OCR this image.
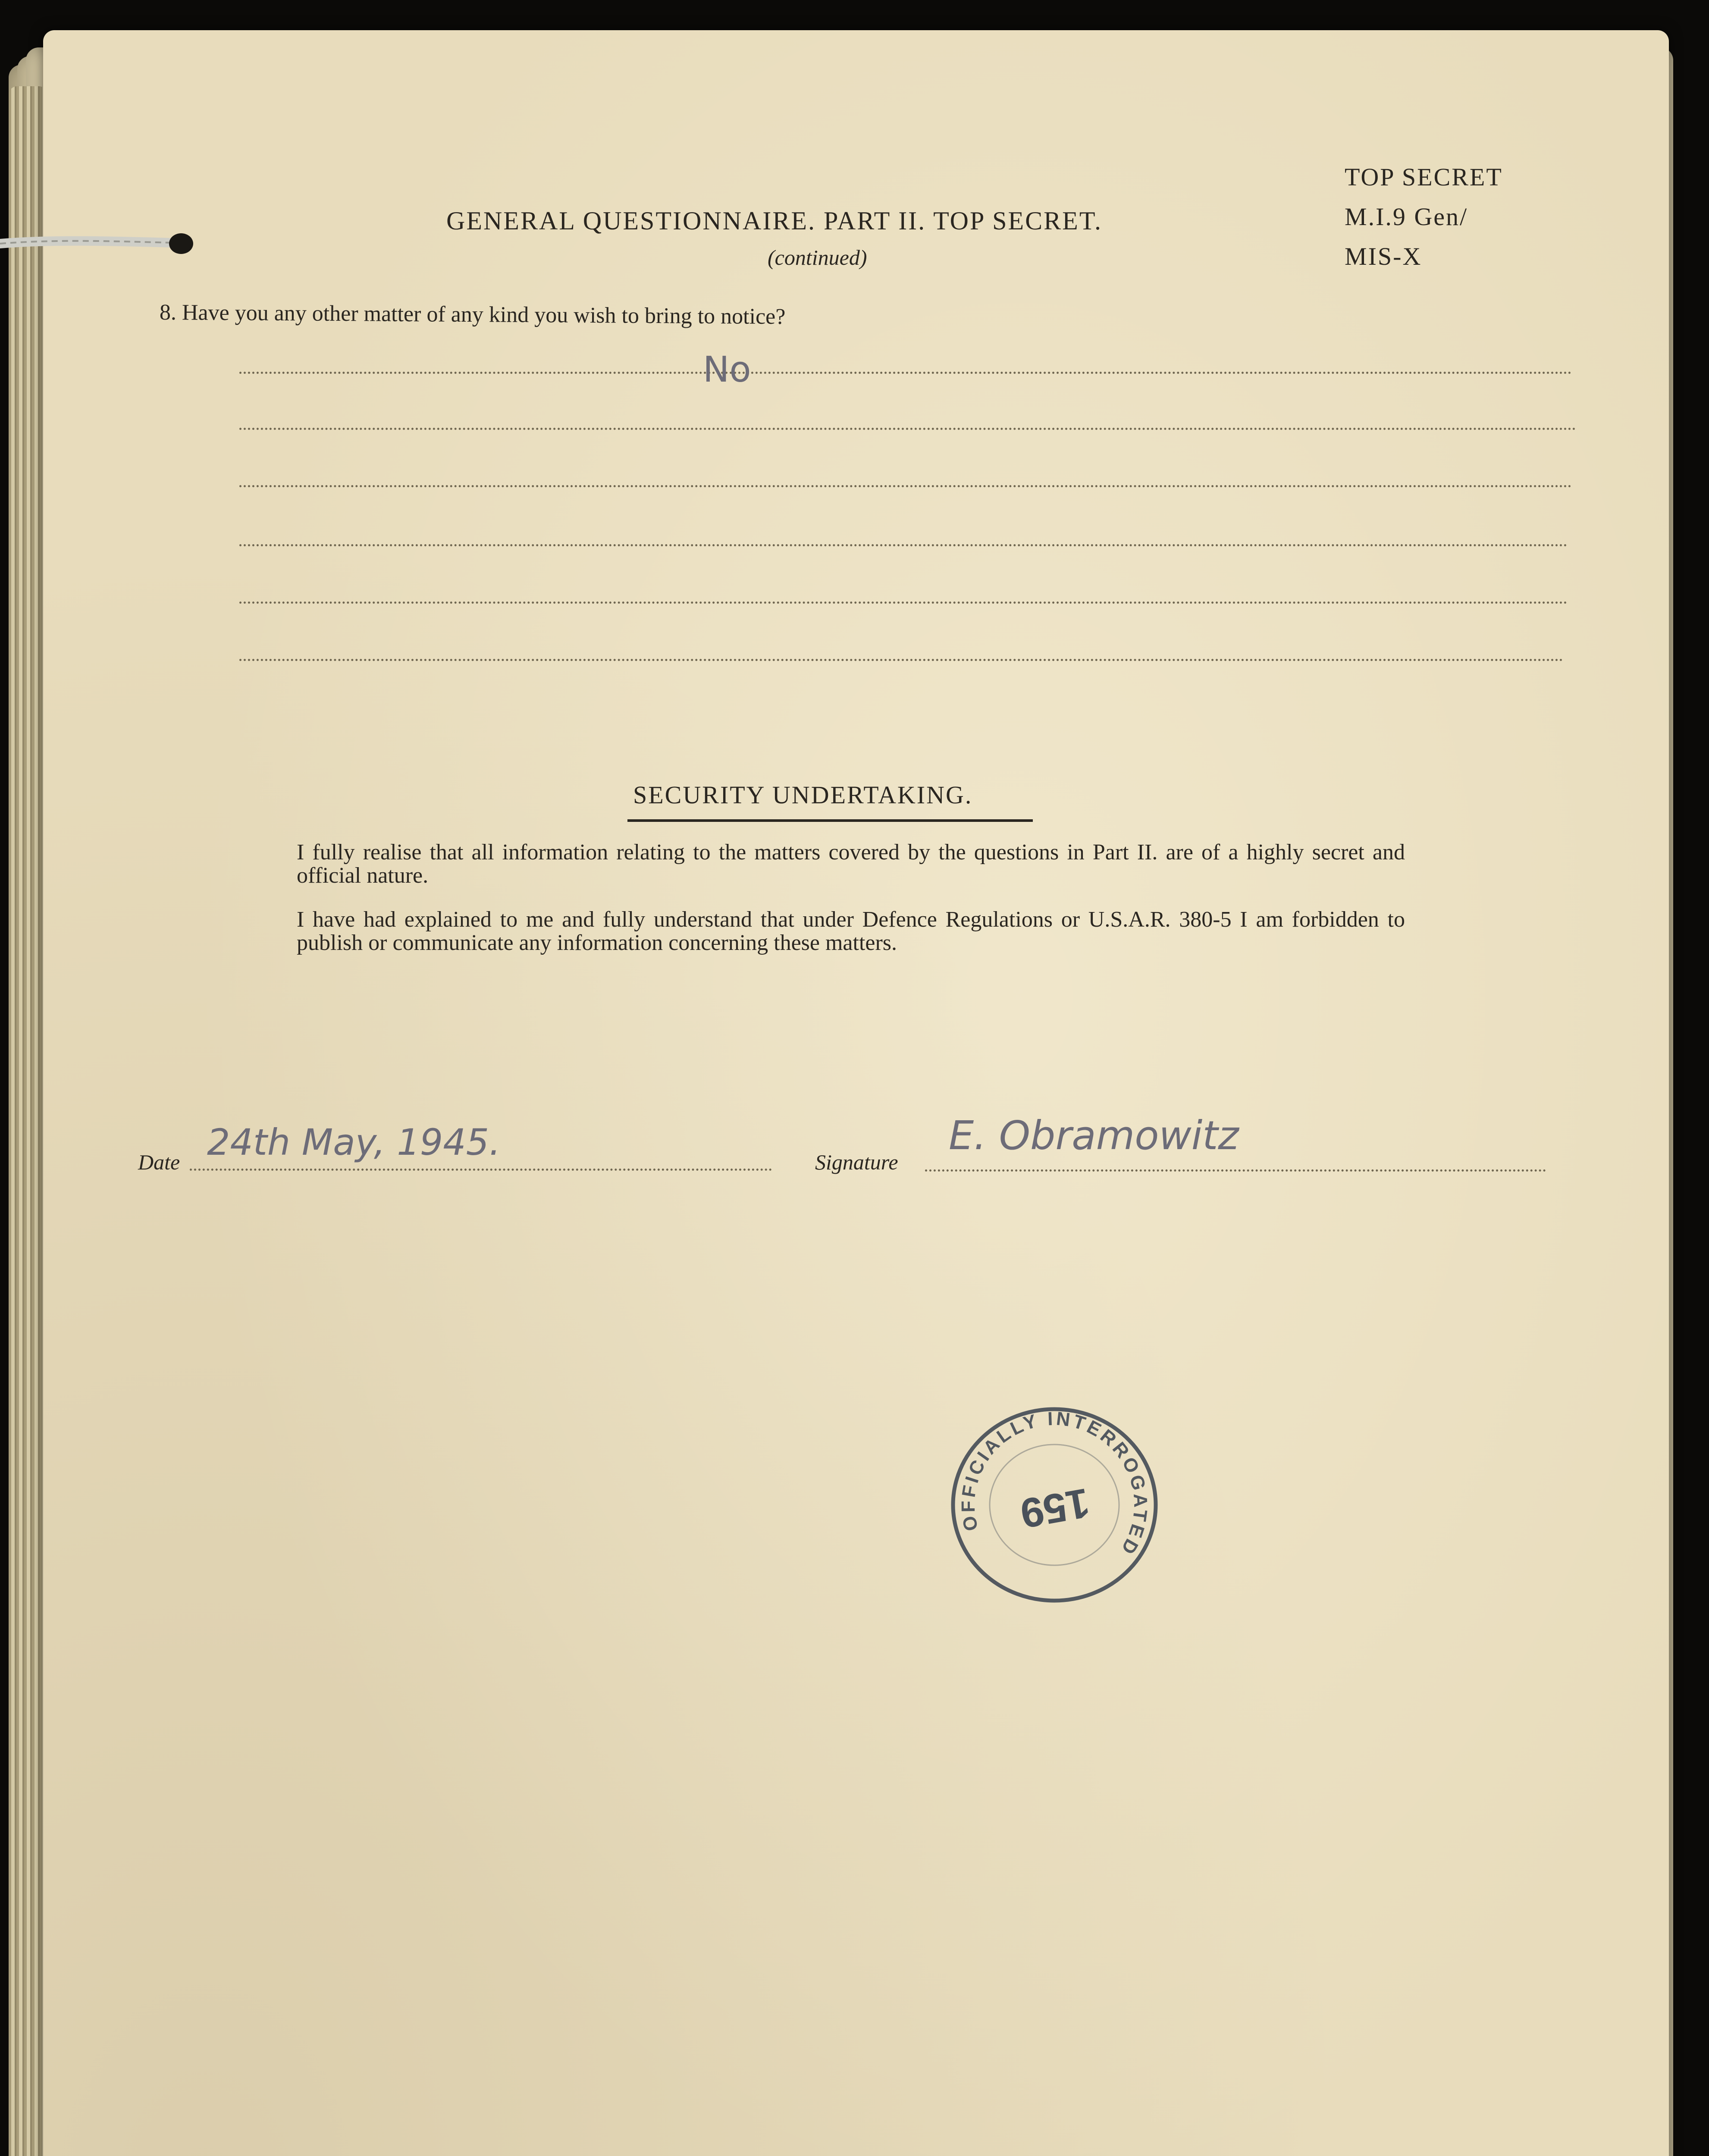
GENERAL QUESTIONNAIRE. PART II. TOP SECRET.
(continued)
TOP SECRET
M.I.9 Gen/
MIS-X
8. Have you any other matter of any kind you wish to bring to notice?
No
SECURITY UNDERTAKING.
I fully realise that all information relating to the matters covered by the questions in Part II. are of a highly secret and official nature.
I have had explained to me and fully understand that under Defence Regulations or U.S.A.R. 380-5 I am forbidden to publish or communicate any information concerning these matters.
Date 24th May, 1945.	Signature
E. Obramowitz
OFFICIALLY INTERROGATED
159
